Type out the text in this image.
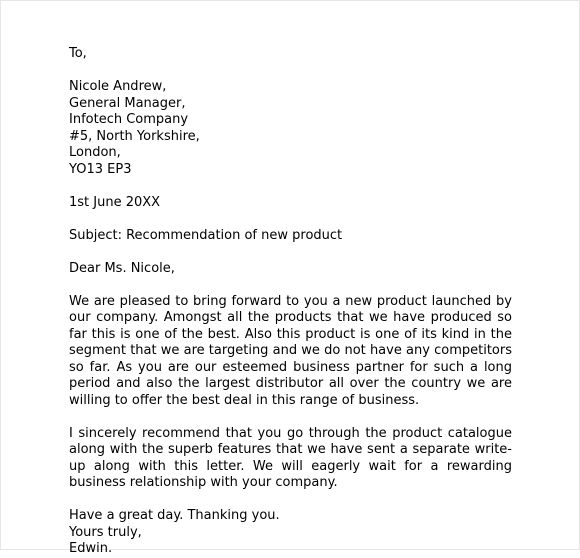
To,
Nicole Andrew,
General Manager,
Infotech Company
#5, North Yorkshire,
London,
YO13 EP3
1st June 20XX
Subject: Recommendation of new product
Dear Ms. Nicole,

We are pleased to bring forward to you a new product launched by our company. Amongst all the products that we have produced so far this is one of the best. Also this product is one of its kind in the segment that we are targeting and we do not have any competitors so far. As you are our esteemed business partner for such a long period and also the largest distributor all over the country we are willing to offer the best deal in this range of business.

I sincerely recommend that you go through the product catalogue along with the superb features that we have sent a separate write-up along with this letter. We will eagerly wait for a rewarding business relationship with your company.

Have a great day. Thanking you.
Yours truly,
Edwin.
